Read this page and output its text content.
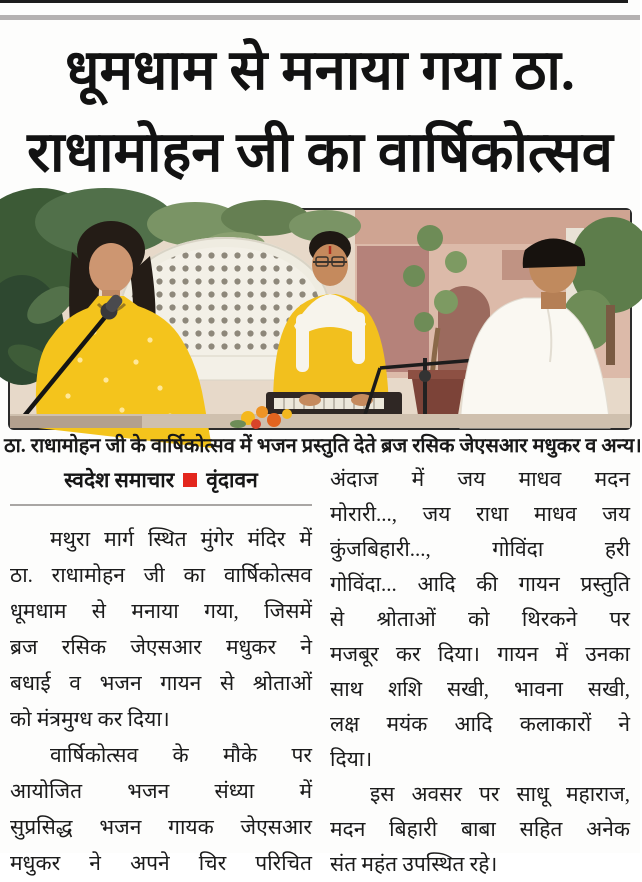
धूमधाम से मनाया गया ठा.
राधामोहन जी का वार्षिकोत्सव
ठा. राधामोहन जी के वार्षिकोत्सव में भजन प्रस्तुति देते ब्रज रसिक जेएसआर मधुकर व अन्य।
स्वदेश समाचार वृंदावन
मथुरा मार्ग स्थित मुंगेर मंदिर में
ठा. राधामोहन जी का वार्षिकोत्सव
धूमधाम से मनाया गया, जिसमें
ब्रज रसिक जेएसआर मधुकर ने
बधाई व भजन गायन से श्रोताओं
को मंत्रमुग्ध कर दिया।
वार्षिकोत्सव के मौके पर
आयोजित भजन संध्या में
सुप्रसिद्ध भजन गायक जेएसआर
मधुकर ने अपने चिर परिचित
अंदाज में जय माधव मदन
मोरारी..., जय राधा माधव जय
कुंजबिहारी..., गोविंदा हरी
गोविंदा... आदि की गायन प्रस्तुति
से श्रोताओं को थिरकने पर
मजबूर कर दिया। गायन में उनका
साथ शशि सखी, भावना सखी,
लक्ष मयंक आदि कलाकारों ने
दिया।
इस अवसर पर साधू महाराज,
मदन बिहारी बाबा सहित अनेक
संत महंत उपस्थित रहे।
